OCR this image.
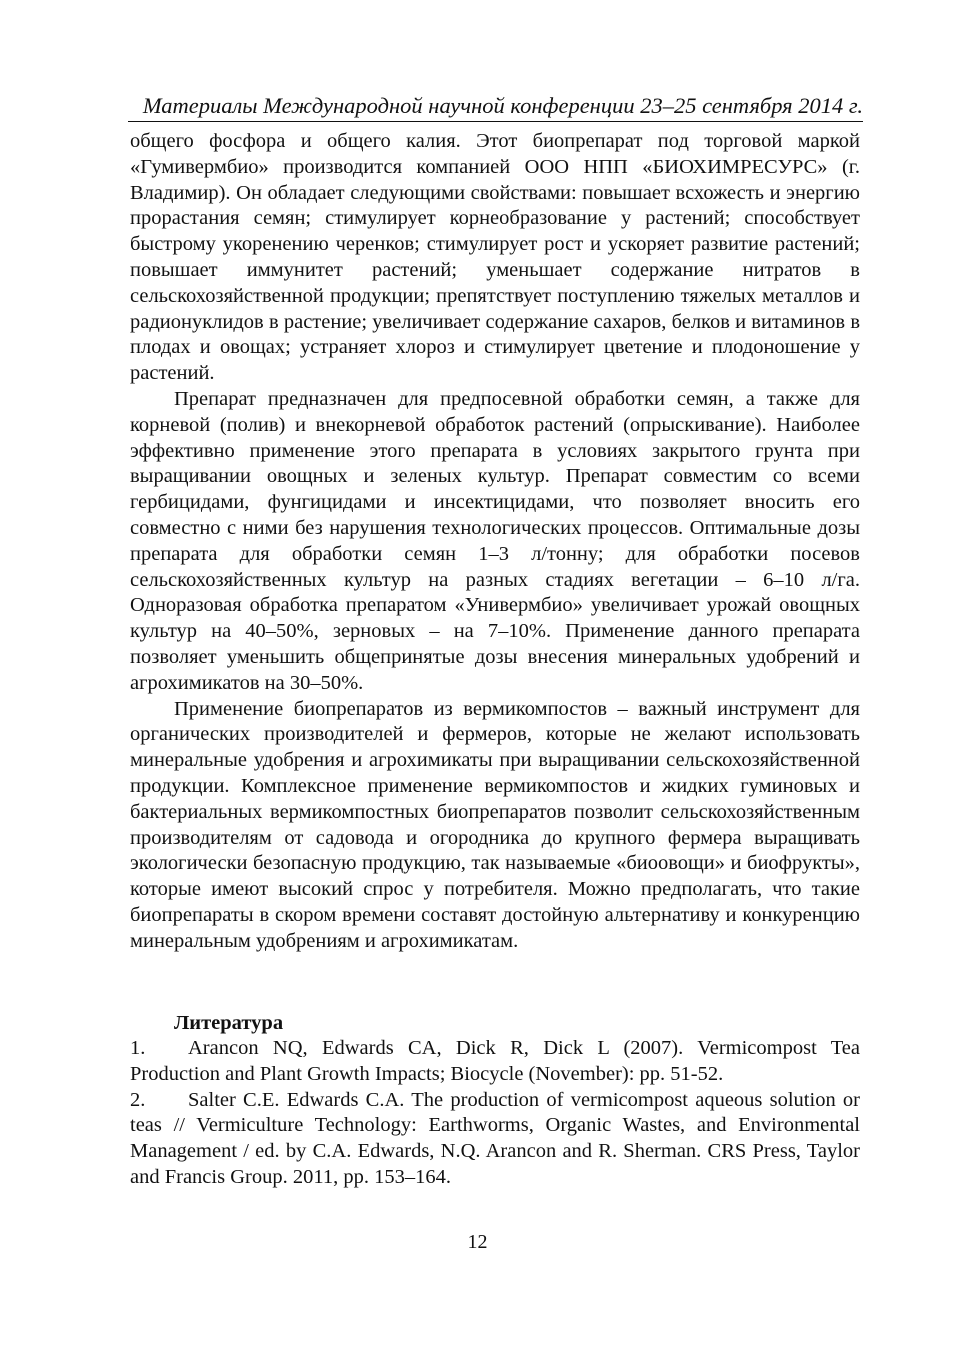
Материалы Международной научной конференции 23–25 сентября 2014 г.

общего фосфора и общего калия. Этот биопрепарат под торговой маркой «Гумивермбио» производится компанией ООО НПП «БИОХИМРЕСУРС» (г. Владимир). Он обладает следующими свойствами: повышает всхожесть и энергию прорастания семян; стимулирует корнеобразование у растений; способствует быстрому укоренению черенков; стимулирует рост и ускоряет развитие растений; повышает иммунитет растений; уменьшает содержание нитратов в сельскохозяйственной продукции; препятствует поступлению тяжелых металлов и радионуклидов в растение; увеличивает содержание сахаров, белков и витаминов в плодах и овощах; устраняет хлороз и стимулирует цветение и плодоношение у растений.

Препарат предназначен для предпосевной обработки семян, а также для корневой (полив) и внекорневой обработок растений (опрыскивание). Наиболее эффективно применение этого препарата в условиях закрытого грунта при выращивании овощных и зеленых культур. Препарат совместим со всеми гербицидами, фунгицидами и инсектицидами, что позволяет вносить его совместно с ними без нарушения технологических процессов. Оптимальные дозы препарата для обработки семян 1–3 л/тонну; для обработки посевов сельскохозяйственных культур на разных стадиях вегетации – 6–10 л/га. Одноразовая обработка препаратом «Универмбио» увеличивает урожай овощных культур на 40–50%, зерновых – на 7–10%. Применение данного препарата позволяет уменьшить общепринятые дозы внесения минеральных удобрений и агрохимикатов на 30–50%.

Применение биопрепаратов из вермикомпостов – важный инструмент для органических производителей и фермеров, которые не желают использовать минеральные удобрения и агрохимикаты при выращивании сельскохозяйственной продукции. Комплексное применение вермикомпостов и жидких гуминовых и бактериальных вермикомпостных биопрепаратов позволит сельскохозяйственным производителям от садовода и огородника до крупного фермера выращивать экологически безопасную продукцию, так называемые «биоовощи» и биофрукты», которые имеют высокий спрос у потребителя. Можно предполагать, что такие биопрепараты в скором времени составят достойную альтернативу и конкуренцию минеральным удобрениям и агрохимикатам.

Литература

1. Arancon NQ, Edwards CA, Dick R, Dick L (2007). Vermicompost Tea Production and Plant Growth Impacts; Biocycle (November): pp. 51-52.

2. Salter C.E. Edwards C.A. The production of vermicompost aqueous solution or teas // Vermiculture Technology: Earthworms, Organic Wastes, and Environmental Management / ed. by C.A. Edwards, N.Q. Arancon and R. Sherman. CRS Press, Taylor and Francis Group. 2011, pp. 153–164.

12
